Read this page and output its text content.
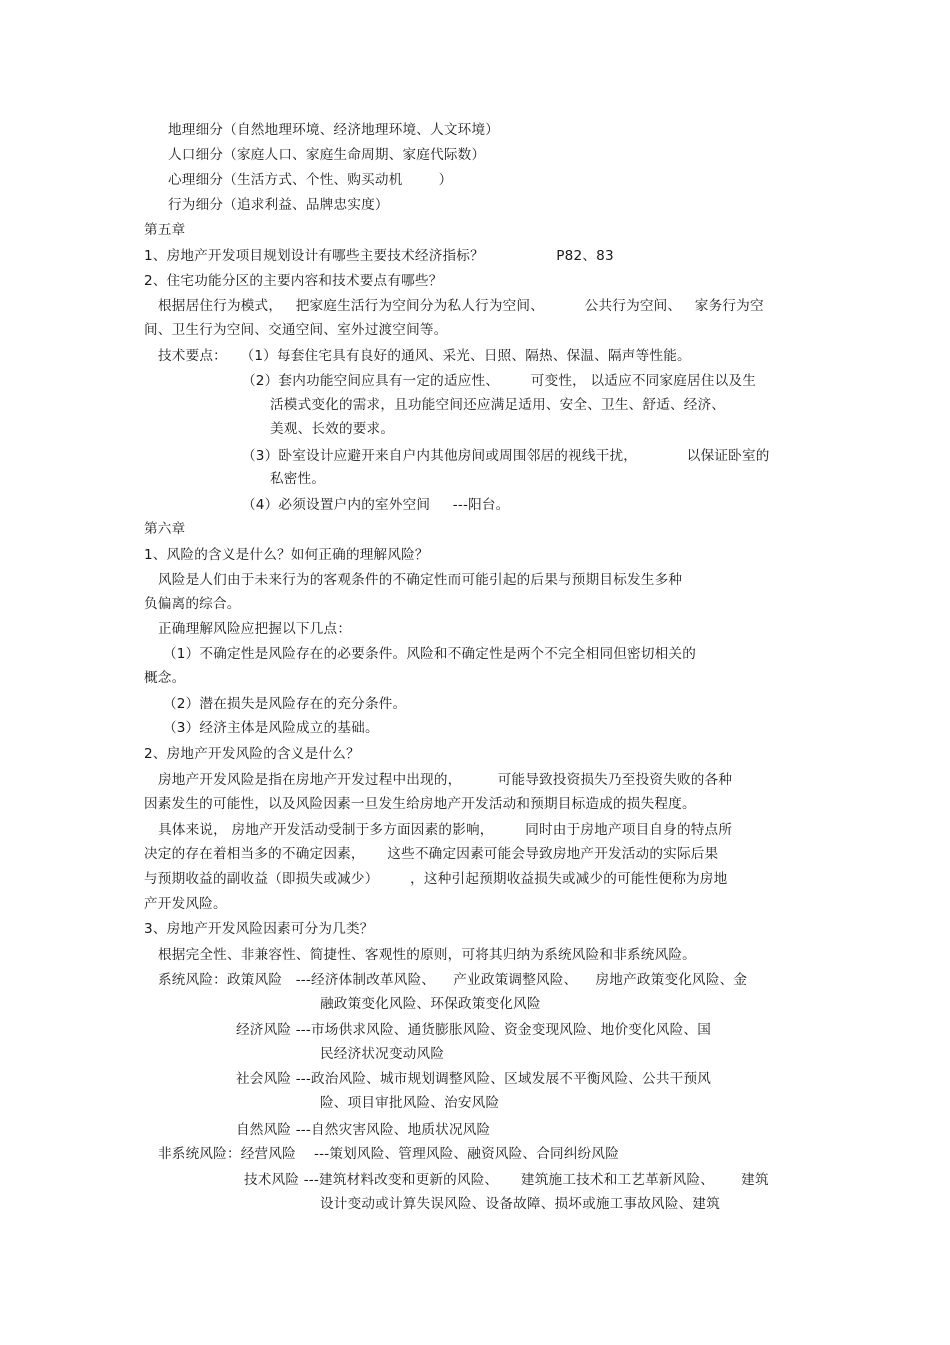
地理细分（自然地理环境、经济地理环境、人文环境）
人口细分（家庭人口、家庭生命周期、家庭代际数）
心理细分（生活方式、个性、购买动机        ）
行为细分（追求利益、品牌忠实度）
第五章
1、房地产开发项目规划设计有哪些主要技术经济指标？                P82、83
2、住宅功能分区的主要内容和技术要点有哪些？
根据居住行为模式，   把家庭生活行为空间分为私人行为空间、         公共行为空间、   家务行为空
间、卫生行为空间、交通空间、室外过渡空间等。
技术要点：   （1）每套住宅具有良好的通风、采光、日照、隔热、保温、隔声等性能。
（2）套内功能空间应具有一定的适应性、       可变性， 以适应不同家庭居住以及生
活模式变化的需求，且功能空间还应满足适用、安全、卫生、舒适、经济、
美观、长效的要求。
（3）卧室设计应避开来自户内其他房间或周围邻居的视线干扰，           以保证卧室的
私密性。
（4）必须设置户内的室外空间     ---阳台。
第六章
1、风险的含义是什么？如何正确的理解风险？
风险是人们由于未来行为的客观条件的不确定性而可能引起的后果与预期目标发生多种
负偏离的综合。
正确理解风险应把握以下几点：
（1）不确定性是风险存在的必要条件。风险和不确定性是两个不完全相同但密切相关的
概念。
（2）潜在损失是风险存在的充分条件。
（3）经济主体是风险成立的基础。
2、房地产开发风险的含义是什么？
房地产开发风险是指在房地产开发过程中出现的，        可能导致投资损失乃至投资失败的各种
因素发生的可能性，以及风险因素一旦发生给房地产开发活动和预期目标造成的损失程度。
具体来说， 房地产开发活动受制于多方面因素的影响，       同时由于房地产项目自身的特点所
决定的存在着相当多的不确定因素，     这些不确定因素可能会导致房地产开发活动的实际后果
与预期收益的副收益（即损失或减少）       ，这种引起预期收益损失或减少的可能性便称为房地
产开发风险。
3、房地产开发风险因素可分为几类？
根据完全性、非兼容性、简捷性、客观性的原则，可将其归纳为系统风险和非系统风险。
系统风险：政策风险   ---经济体制改革风险、    产业政策调整风险、    房地产政策变化风险、金
融政策变化风险、环保政策变化风险
经济风险 ---市场供求风险、通货膨胀风险、资金变现风险、地价变化风险、国
民经济状况变动风险
社会风险 ---政治风险、城市规划调整风险、区域发展不平衡风险、公共干预风
险、项目审批风险、治安风险
自然风险 ---自然灾害风险、地质状况风险
非系统风险：经营风险    ---策划风险、管理风险、融资风险、合同纠纷风险
技术风险 ---建筑材料改变和更新的风险、     建筑施工技术和工艺革新风险、      建筑
设计变动或计算失误风险、设备故障、损坏或施工事故风险、建筑
